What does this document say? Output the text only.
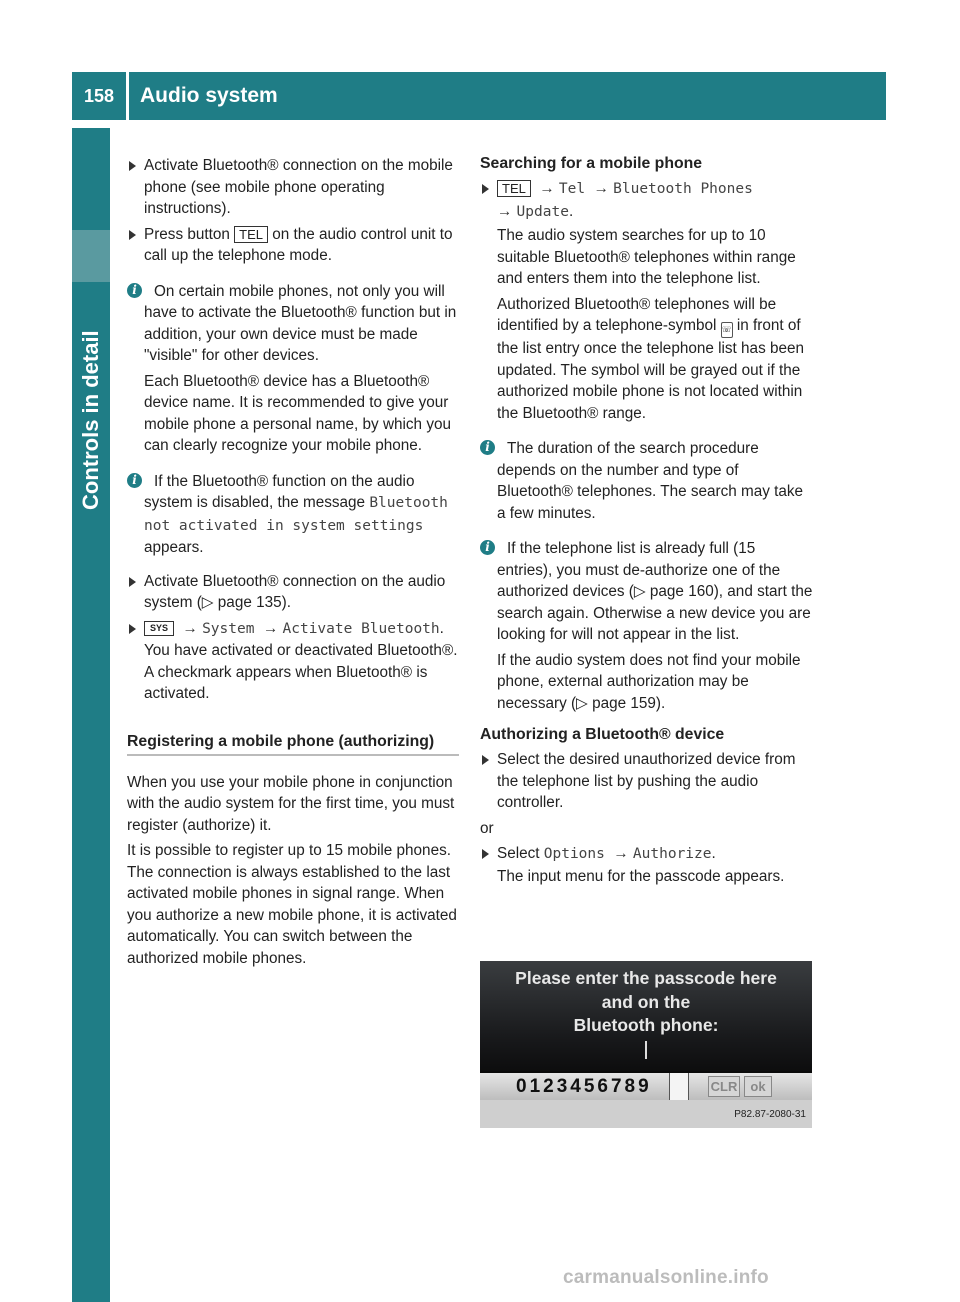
158	Audio system
Controls in detail
Activate Bluetooth® connection on the mobile phone (see mobile phone operating instructions).
Press button TEL on the audio control unit to call up the telephone mode.
i	On certain mobile phones, not only you will have to activate the Bluetooth® function but in addition, your own device must be made "visible" for other devices.

Each Bluetooth® device has a Bluetooth® device name. It is recommended to give your mobile phone a personal name, by which you can clearly recognize your mobile phone.

i	If the Bluetooth® function on the audio system is disabled, the message Bluetooth not activated in system settings appears.

Activate Bluetooth® connection on the audio system (▷ page 135).
SYS  → System  → Activate Bluetooth.
You have activated or deactivated Bluetooth®. A checkmark appears when Bluetooth® is activated.
Registering a mobile phone (authorizing)

When you use your mobile phone in conjunction with the audio system for the first time, you must register (authorize) it.

It is possible to register up to 15 mobile phones. The connection is always established to the last activated mobile phones in signal range. When you authorize a new mobile phone, it is activated automatically. You can switch between the authorized mobile phones.

Searching for a mobile phone
TEL  → Tel  → Bluetooth Phones
→ Update.

The audio system searches for up to 10 suitable Bluetooth® telephones within range and enters them into the telephone list.

Authorized Bluetooth® telephones will be identified by a telephone-symbol ☏ in front of the list entry once the telephone list has been updated. The symbol will be grayed out if the authorized mobile phone is not located within the Bluetooth® range.

i	The duration of the search procedure depends on the number and type of Bluetooth® telephones. The search may take a few minutes.

i	If the telephone list is already full (15 entries), you must de-authorize one of the authorized devices (▷ page 160), and start the search again. Otherwise a new device you are looking for will not appear in the list.

If the audio system does not find your mobile phone, external authorization may be necessary (▷ page 159).

Authorizing a Bluetooth® device
Select the desired unauthorized device from the telephone list by pushing the audio controller.

or

Select Options  → Authorize.
The input menu for the passcode appears.
Please enter the passcode here
and on the
Bluetooth phone:
0123456789	CLR	ok
P82.87-2080-31
carmanualsonline.info
